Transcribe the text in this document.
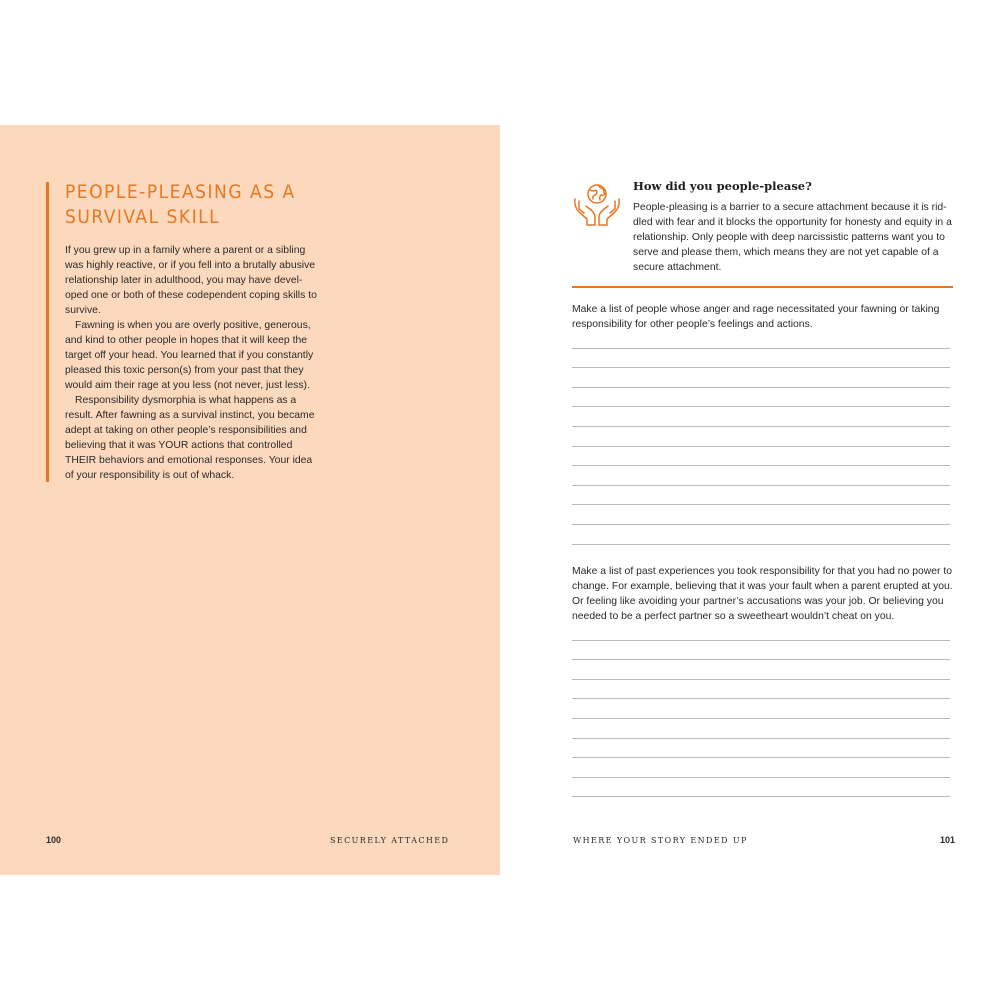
PEOPLE-PLEASING AS A
SURVIVAL SKILL

If you grew up in a family where a parent or a sibling was highly reactive, or if you fell into a brutally abusive relationship later in adulthood, you may have devel-oped one or both of these codependent coping skills to survive.

Fawning is when you are overly positive, generous, and kind to other people in hopes that it will keep the target off your head. You learned that if you constantly pleased this toxic person(s) from your past that they would aim their rage at you less (not never, just less).

Responsibility dysmorphia is what happens as a result. After fawning as a survival instinct, you became adept at taking on other people’s responsibilities and believing that it was YOUR actions that controlled THEIR behaviors and emotional responses. Your idea of your responsibility is out of whack.

100	SECURELY ATTACHED
How did you people-please?
People-pleasing is a barrier to a secure attachment because it is rid-dled with fear and it blocks the opportunity for honesty and equity in a relationship. Only people with deep narcissistic patterns want you to serve and please them, which means they are not yet capable of a secure attachment.
Make a list of people whose anger and rage necessitated your fawning or taking responsibility for other people’s feelings and actions.
Make a list of past experiences you took responsibility for that you had no power to change. For example, believing that it was your fault when a parent erupted at you. Or feeling like avoiding your partner’s accusations was your job. Or believing you needed to be a perfect partner so a sweetheart wouldn’t cheat on you.
WHERE YOUR STORY ENDED UP	101
